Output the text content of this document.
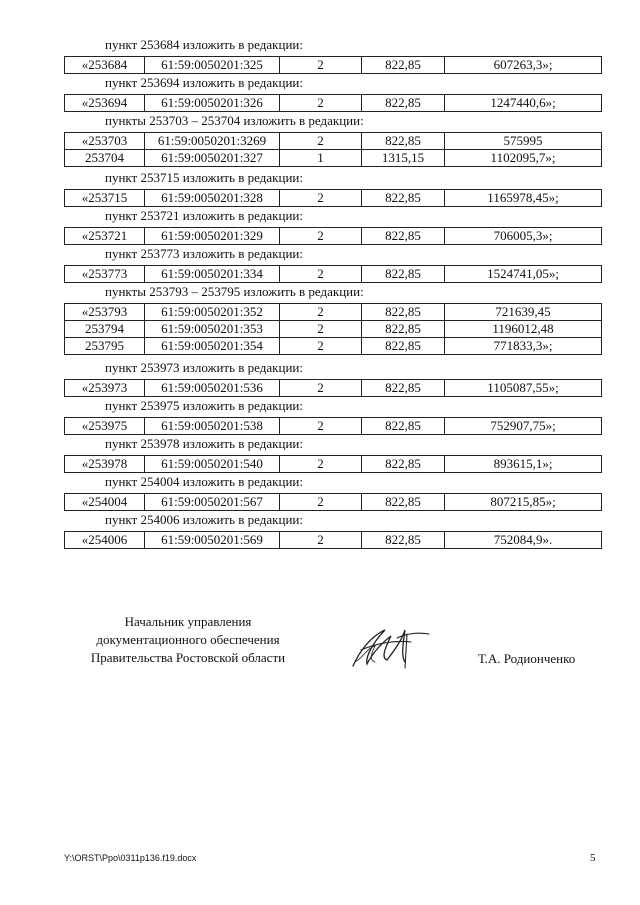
пункт 253684 изложить в редакции:
«253684	61:59:0050201:325	2	822,85	607263,3»;
пункт 253694 изложить в редакции:
«253694	61:59:0050201:326	2	822,85	1247440,6»;
пункты 253703 – 253704 изложить в редакции:
«253703	61:59:0050201:3269	2	822,85	575995
253704	61:59:0050201:327	1	1315,15	1102095,7»;
пункт 253715 изложить в редакции:
«253715	61:59:0050201:328	2	822,85	1165978,45»;
пункт 253721 изложить в редакции:
«253721	61:59:0050201:329	2	822,85	706005,3»;
пункт 253773 изложить в редакции:
«253773	61:59:0050201:334	2	822,85	1524741,05»;
пункты 253793 – 253795 изложить в редакции:
«253793	61:59:0050201:352	2	822,85	721639,45
253794	61:59:0050201:353	2	822,85	1196012,48
253795	61:59:0050201:354	2	822,85	771833,3»;
пункт 253973 изложить в редакции:
«253973	61:59:0050201:536	2	822,85	1105087,55»;
пункт 253975 изложить в редакции:
«253975	61:59:0050201:538	2	822,85	752907,75»;
пункт 253978 изложить в редакции:
«253978	61:59:0050201:540	2	822,85	893615,1»;
пункт 254004 изложить в редакции:
«254004	61:59:0050201:567	2	822,85	807215,85»;
пункт 254006 изложить в редакции:
«254006	61:59:0050201:569	2	822,85	752084,9».
Начальник управления
документационного обеспечения
Правительства Ростовской области	Т.А. Родионченко
Y:\ORST\Ppo\0311p136.f19.docx	5
